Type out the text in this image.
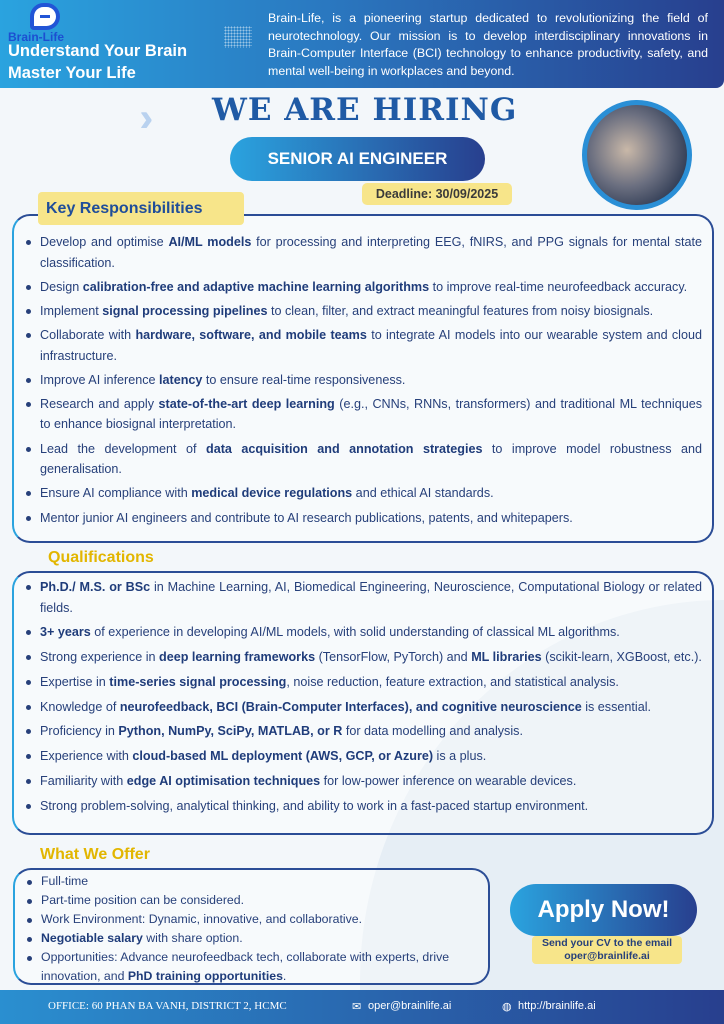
Brain-Life
Understand Your Brain
Master Your Life
Brain-Life, is a pioneering startup dedicated to revolutionizing the field of neurotechnology. Our mission is to develop interdisciplinary innovations in Brain-Computer Interface (BCI) technology to enhance productivity, safety, and mental well-being in workplaces and beyond.
WE ARE HIRING
SENIOR AI ENGINEER
Deadline: 30/09/2025
Develop and optimise AI/ML models for processing and interpreting EEG, fNIRS, and PPG signals for mental state classification.
Design calibration-free and adaptive machine learning algorithms to improve real-time neurofeedback accuracy.
Implement signal processing pipelines to clean, filter, and extract meaningful features from noisy biosignals.
Collaborate with hardware, software, and mobile teams to integrate AI models into our wearable system and cloud infrastructure.
Improve AI inference latency to ensure real-time responsiveness.
Research and apply state-of-the-art deep learning (e.g., CNNs, RNNs, transformers) and traditional ML techniques to enhance biosignal interpretation.
Lead the development of data acquisition and annotation strategies to improve model robustness and generalisation.
Ensure AI compliance with medical device regulations and ethical AI standards.
Mentor junior AI engineers and contribute to AI research publications, patents, and whitepapers.
Key Responsibilities
Qualifications
Ph.D./ M.S. or BSc in Machine Learning, AI, Biomedical Engineering, Neuroscience, Computational Biology or related fields.
3+ years of experience in developing AI/ML models, with solid understanding of classical ML algorithms.
Strong experience in deep learning frameworks (TensorFlow, PyTorch) and ML libraries (scikit-learn, XGBoost, etc.).
Expertise in time-series signal processing, noise reduction, feature extraction, and statistical analysis.
Knowledge of neurofeedback, BCI (Brain-Computer Interfaces), and cognitive neuroscience is essential.
Proficiency in Python, NumPy, SciPy, MATLAB, or R for data modelling and analysis.
Experience with cloud-based ML deployment (AWS, GCP, or Azure) is a plus.
Familiarity with edge AI optimisation techniques for low-power inference on wearable devices.
Strong problem-solving, analytical thinking, and ability to work in a fast-paced startup environment.
What We Offer
Full-time
Part-time position can be considered.
Work Environment: Dynamic, innovative, and collaborative.
Negotiable salary with share option.
Opportunities: Advance neurofeedback tech, collaborate with experts, drive innovation, and PhD training opportunities.
Apply Now!
Send your CV to the email
oper@brainlife.ai
OFFICE: 60 PHAN BA VANH, DISTRICT 2, HCMC	✉ oper@brainlife.ai	◍ http://brainlife.ai
